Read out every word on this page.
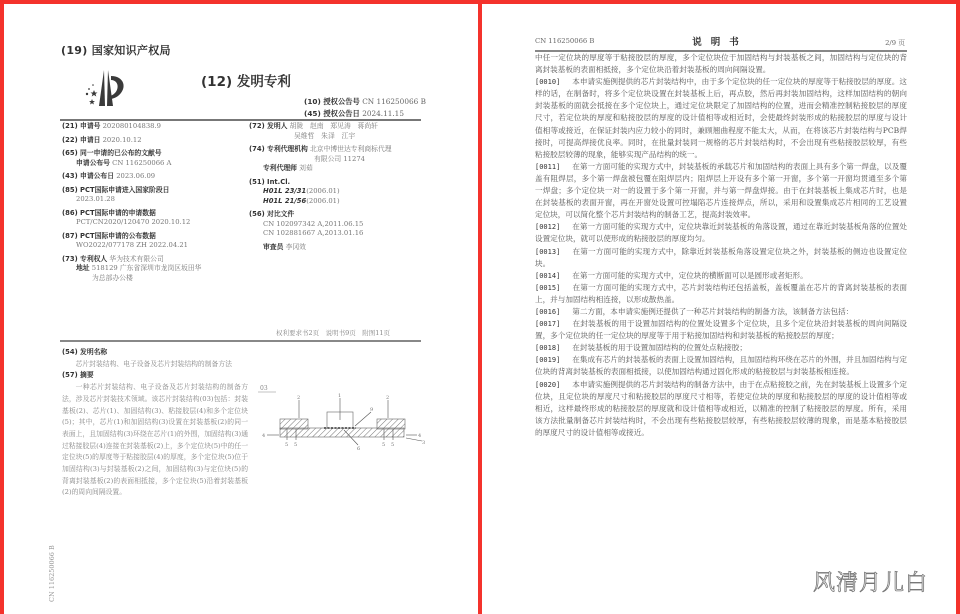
(19) 国家知识产权局
(12) 发明专利
(10) 授权公告号 CN 116250066 B
(45) 授权公告日 2024.11.15
(21) 申请号 202080104838.9
(22) 申请日 2020.10.12
(65) 同一申请的已公布的文献号
申请公布号 CN 116250066 A
(43) 申请公布日 2023.06.09
(85) PCT国际申请进入国家阶段日
2023.01.28
(86) PCT国际申请的申请数据
PCT/CN2020/120470 2020.10.12
(87) PCT国际申请的公布数据
WO2022/077178 ZH 2022.04.21
(73) 专利权人 华为技术有限公司
地址 518129 广东省深圳市龙岗区坂田华
为总部办公楼
(72) 发明人 胡陇　赵南　郑见涛　蒋尚轩
吴维哲　朱泽　江宇
(74) 专利代理机构 北京中博世达专利商标代理
有限公司 11274
专利代理师 刘茹
(51) Int.Cl.
H01L 23/31(2006.01)
H01L 21/56(2006.01)
(56) 对比文件
CN 102097342 A,2011.06.15
CN 102881667 A,2013.01.16
审查员 李冈效
权利要求书2页　说明书9页　附图11页
(54) 发明名称
芯片封装结构、电子设备及芯片封装结构的制备方法
(57) 摘要
一种芯片封装结构、电子设备及芯片封装结构的制备方法，涉及芯片封装技术领域。该芯片封装结构(03)包括：封装基板(2)、芯片(1)、加固结构(3)、粘接胶层(4)和多个定位块(5)；其中，芯片(1)和加固结构(3)设置在封装基板(2)的同一表面上，且加固结构(3)环绕在芯片(1)的外围，加固结构(3)通过粘接胶层(4)连接在封装基板(2)上，多个定位块(5)中的任一定位块(5)的厚度等于粘接胶层(4)的厚度，多个定位块(5)位于加固结构(3)与封装基板(2)之间，加固结构(3)与定位块(5)的背离封装基板(2)的表面相抵接，多个定位块(5)沿着封装基板(2)的周向间隔设置。
CN 116250066 B
03
2	1	2
9
4	4
3
6
5 5	5 5
CN 116250066 B	说明书	2/9 页

中任一定位块的厚度等于粘接胶层的厚度，多个定位块位于加固结构与封装基板之间，加固结构与定位块的背离封装基板的表面相抵接，多个定位块沿着封装基板的周向间隔设置。

[0010] 本申请实施例提供的芯片封装结构中，由于多个定位块的任一定位块的厚度等于粘接胶层的厚度。这样的话，在制备时，将多个定位块设置在封装基板上后，再点胶，然后再封装加固结构，这样加固结构的朝向封装基板的面就会抵接在多个定位块上，通过定位块限定了加固结构的位置，进而会精准控制粘接胶层的厚度尺寸，若定位块的厚度和粘接胶层的厚度的设计值相等或相近时，会使最终封装形成的粘接胶层的厚度与设计值相等或接近，在保证封装内应力较小的同时，兼顾翘曲程度不能太大，从而，在将该芯片封装结构与PCB焊接时，可提高焊接优良率。同时，在批量封装同一规格的芯片封装结构时，不会出现有些粘接胶层较厚，有些粘接胶层较薄的现象，能够实现产品结构的统一。

[0011] 在第一方面可能的实现方式中，封装基板的承载芯片和加固结构的表面上具有多个第一焊盘，以及覆盖有阻焊层，多个第一焊盘被包覆在阻焊层内；阻焊层上开设有多个第一开窗，多个第一开窗均贯通至多个第一焊盘；多个定位块一对一的设置于多个第一开窗，并与第一焊盘焊接。由于在封装基板上集成芯片时，也是在封装基板的表面开窗，再在开窗处设置可控塌陷芯片连接焊点，所以，采用和设置集成芯片相同的工艺设置定位块，可以简化整个芯片封装结构的制备工艺，提高封装效率。

[0012] 在第一方面可能的实现方式中，定位块靠近封装基板的角落设置，通过在靠近封装基板角落的位置处设置定位块，就可以使形成的粘接胶层的厚度均匀。

[0013] 在第一方面可能的实现方式中，除靠近封装基板角落设置定位块之外，封装基板的侧边也设置定位块。

[0014] 在第一方面可能的实现方式中，定位块的横断面可以是圆形或者矩形。

[0015] 在第一方面可能的实现方式中，芯片封装结构还包括盖板，盖板覆盖在芯片的背离封装基板的表面上，并与加固结构相连接，以形成散热盖。

[0016] 第二方面，本申请实施例还提供了一种芯片封装结构的制备方法，该制备方法包括：

[0017] 在封装基板的用于设置加固结构的位置处设置多个定位块，且多个定位块沿封装基板的周向间隔设置，多个定位块的任一定位块的厚度等于用于粘接加固结构和封装基板的粘接胶层的厚度；

[0018] 在封装基板的用于设置加固结构的位置处点粘接胶；

[0019] 在集成有芯片的封装基板的表面上设置加固结构，且加固结构环绕在芯片的外围，并且加固结构与定位块的背离封装基板的表面相抵接，以使加固结构通过固化形成的粘接胶层与封装基板相连接。

[0020] 本申请实施例提供的芯片封装结构的制备方法中，由于在点粘接胶之前，先在封装基板上设置多个定位块，且定位块的厚度尺寸和粘接胶层的厚度尺寸相等，若使定位块的厚度和粘接胶层的厚度的设计值相等或相近，这样最终形成的粘接胶层的厚度就和设计值相等或相近，以精准的控制了粘接胶层的厚度。所有，采用该方法批量制备芯片封装结构时，不会出现有些粘接胶层较厚，有些粘接胶层较薄的现象，而是基本粘接胶层的厚度尺寸的设计值相等或接近。

风清月儿白
